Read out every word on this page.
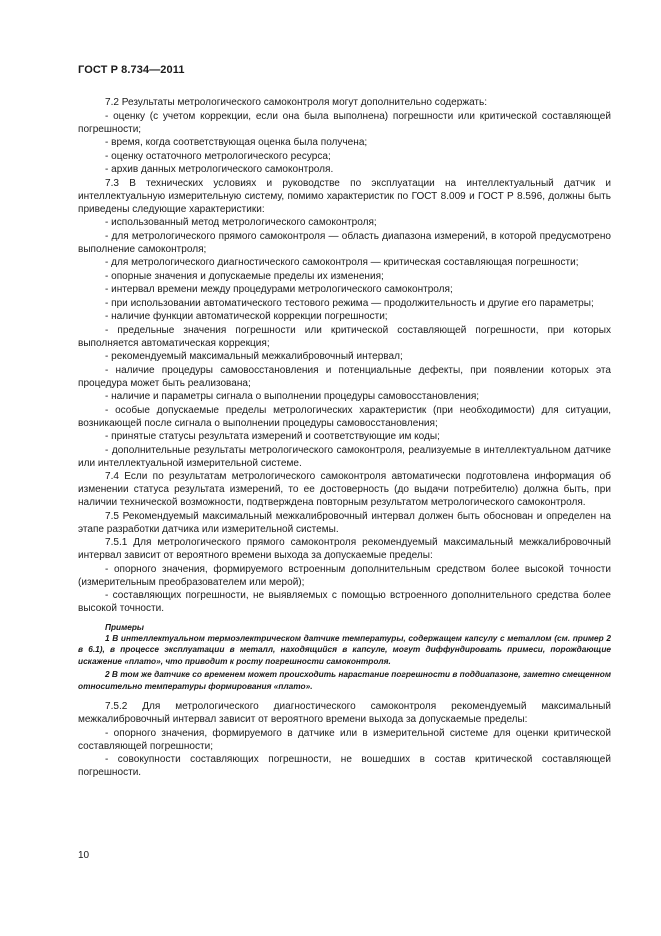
ГОСТ Р 8.734—2011

7.2 Результаты метрологического самоконтроля могут дополнительно содержать:

- оценку (с учетом коррекции, если она была выполнена) погрешности или критической составляющей погрешности;

- время, когда соответствующая оценка была получена;

- оценку остаточного метрологического ресурса;

- архив данных метрологического самоконтроля.

7.3 В технических условиях и руководстве по эксплуатации на интеллектуальный датчик и интеллектуальную измерительную систему, помимо характеристик по ГОСТ 8.009 и ГОСТ Р 8.596, должны быть приведены следующие характеристики:

- использованный метод метрологического самоконтроля;

- для метрологического прямого самоконтроля — область диапазона измерений, в которой предусмотрено выполнение самоконтроля;

- для метрологического диагностического самоконтроля — критическая составляющая погрешности;

- опорные значения и допускаемые пределы их изменения;

- интервал времени между процедурами метрологического самоконтроля;

- при использовании автоматического тестового режима — продолжительность и другие его параметры;

- наличие функции автоматической коррекции погрешности;

- предельные значения погрешности или критической составляющей погрешности, при которых выполняется автоматическая коррекция;

- рекомендуемый максимальный межкалибровочный интервал;

- наличие процедуры самовосстановления и потенциальные дефекты, при появлении которых эта процедура может быть реализована;

- наличие и параметры сигнала о выполнении процедуры самовосстановления;

- особые допускаемые пределы метрологических характеристик (при необходимости) для ситуации, возникающей после сигнала о выполнении процедуры самовосстановления;

- принятые статусы результата измерений и соответствующие им коды;

- дополнительные результаты метрологического самоконтроля, реализуемые в интеллектуальном датчике или интеллектуальной измерительной системе.

7.4 Если по результатам метрологического самоконтроля автоматически подготовлена информация об изменении статуса результата измерений, то ее достоверность (до выдачи потребителю) должна быть, при наличии технической возможности, подтверждена повторным результатом метрологического самоконтроля.

7.5 Рекомендуемый максимальный межкалибровочный интервал должен быть обоснован и определен на этапе разработки датчика или измерительной системы.

7.5.1 Для метрологического прямого самоконтроля рекомендуемый максимальный межкалибровочный интервал зависит от вероятного времени выхода за допускаемые пределы:

- опорного значения, формируемого встроенным дополнительным средством более высокой точности (измерительным преобразователем или мерой);

- составляющих погрешности, не выявляемых с помощью встроенного дополнительного средства более высокой точности.

Примеры

1 В интеллектуальном термоэлектрическом датчике температуры, содержащем капсулу с металлом (см. пример 2 в 6.1), в процессе эксплуатации в металл, находящийся в капсуле, могут диффундировать примеси, порождающие искажение «плато», что приводит к росту погрешности самоконтроля.

2 В том же датчике со временем может происходить нарастание погрешности в поддиапазоне, заметно смещенном относительно температуры формирования «плато».

7.5.2 Для метрологического диагностического самоконтроля рекомендуемый максимальный межкалибровочный интервал зависит от вероятного времени выхода за допускаемые пределы:

- опорного значения, формируемого в датчике или в измерительной системе для оценки критической составляющей погрешности;

- совокупности составляющих погрешности, не вошедших в состав критической составляющей погрешности.

10
